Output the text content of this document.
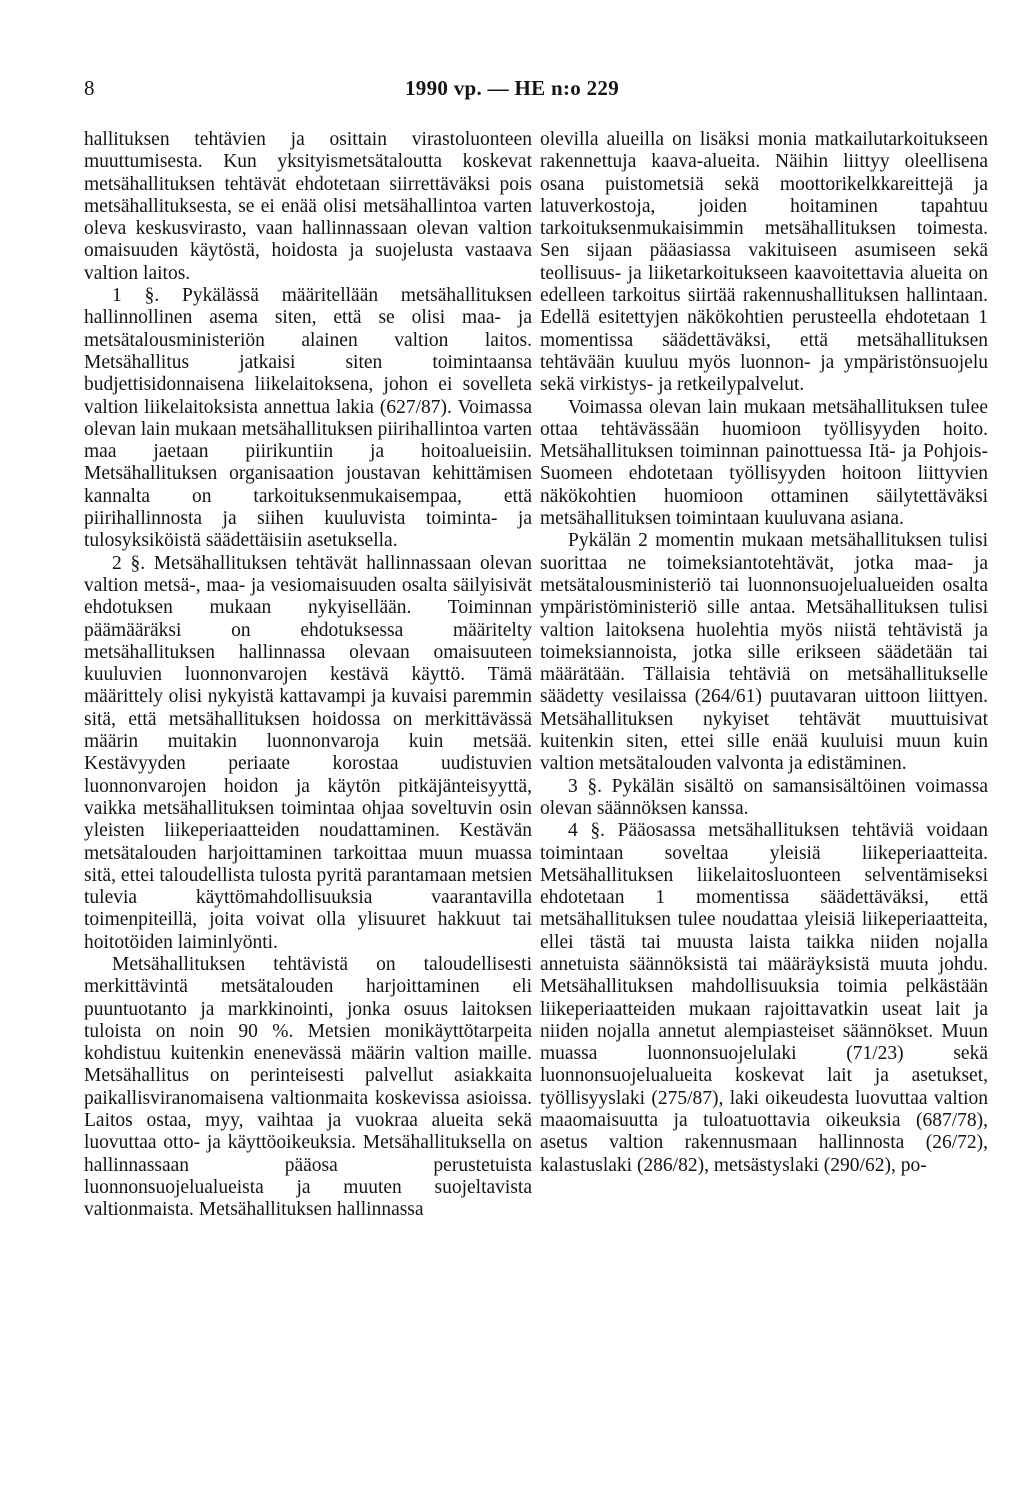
8	1990 vp. — HE n:o 229

hallituksen tehtävien ja osittain virastoluonteen muuttumisesta. Kun yksityismetsätaloutta koskevat metsähallituksen tehtävät ehdotetaan siirrettäväksi pois metsähallituksesta, se ei enää olisi metsähallintoa varten oleva keskusvirasto, vaan hallinnassaan olevan valtion omaisuuden käytöstä, hoidosta ja suojelusta vastaava valtion laitos.

1 §. Pykälässä määritellään metsähallituksen hallinnollinen asema siten, että se olisi maa- ja metsätalousministeriön alainen valtion laitos. Metsähallitus jatkaisi siten toimintaansa budjettisidonnaisena liikelaitoksena, johon ei sovelleta valtion liikelaitoksista annettua lakia (627/87). Voimassa olevan lain mukaan metsähallituksen piirihallintoa varten maa jaetaan piirikuntiin ja hoitoalueisiin. Metsähallituksen organisaation joustavan kehittämisen kannalta on tarkoituksenmukaisempaa, että piirihallinnosta ja siihen kuuluvista toiminta- ja tulosyksiköistä säädettäisiin asetuksella.

2 §. Metsähallituksen tehtävät hallinnassaan olevan valtion metsä-, maa- ja vesiomaisuuden osalta säilyisivät ehdotuksen mukaan nykyisellään. Toiminnan päämääräksi on ehdotuksessa määritelty metsähallituksen hallinnassa olevaan omaisuuteen kuuluvien luonnonvarojen kestävä käyttö. Tämä määrittely olisi nykyistä kattavampi ja kuvaisi paremmin sitä, että metsähallituksen hoidossa on merkittävässä määrin muitakin luonnonvaroja kuin metsää. Kestävyyden periaate korostaa uudistuvien luonnonvarojen hoidon ja käytön pitkäjänteisyyttä, vaikka metsähallituksen toimintaa ohjaa soveltuvin osin yleisten liikeperiaatteiden noudattaminen. Kestävän metsätalouden harjoittaminen tarkoittaa muun muassa sitä, ettei taloudellista tulosta pyritä parantamaan metsien tulevia käyttömahdollisuuksia vaarantavilla toimenpiteillä, joita voivat olla ylisuuret hakkuut tai hoitotöiden laiminlyönti.

Metsähallituksen tehtävistä on taloudellisesti merkittävintä metsätalouden harjoittaminen eli puuntuotanto ja markkinointi, jonka osuus laitoksen tuloista on noin 90 %. Metsien monikäyttötarpeita kohdistuu kuitenkin enenevässä määrin valtion maille. Metsähallitus on perinteisesti palvellut asiakkaita paikallisviranomaisena valtionmaita koskevissa asioissa. Laitos ostaa, myy, vaihtaa ja vuokraa alueita sekä luovuttaa otto- ja käyttöoikeuksia. Metsähallituksella on hallinnassaan pääosa perustetuista luonnonsuojelualueista ja muuten suojeltavista valtionmaista. Metsähallituksen hallinnassa

olevilla alueilla on lisäksi monia matkailutarkoitukseen rakennettuja kaava-alueita. Näihin liittyy oleellisena osana puistometsiä sekä moottorikelkkareittejä ja latuverkostoja, joiden hoitaminen tapahtuu tarkoituksenmukaisimmin metsähallituksen toimesta. Sen sijaan pääasiassa vakituiseen asumiseen sekä teollisuus- ja liiketarkoitukseen kaavoitettavia alueita on edelleen tarkoitus siirtää rakennushallituksen hallintaan. Edellä esitettyjen näkökohtien perusteella ehdotetaan 1 momentissa säädettäväksi, että metsähallituksen tehtävään kuuluu myös luonnon- ja ympäristönsuojelu sekä virkistys- ja retkeilypalvelut.

Voimassa olevan lain mukaan metsähallituksen tulee ottaa tehtävässään huomioon työllisyyden hoito. Metsähallituksen toiminnan painottuessa Itä- ja Pohjois-Suomeen ehdotetaan työllisyyden hoitoon liittyvien näkökohtien huomioon ottaminen säilytettäväksi metsähallituksen toimintaan kuuluvana asiana.

Pykälän 2 momentin mukaan metsähallituksen tulisi suorittaa ne toimeksiantotehtävät, jotka maa- ja metsätalousministeriö tai luonnonsuojelualueiden osalta ympäristöministeriö sille antaa. Metsähallituksen tulisi valtion laitoksena huolehtia myös niistä tehtävistä ja toimeksiannoista, jotka sille erikseen säädetään tai määrätään. Tällaisia tehtäviä on metsähallitukselle säädetty vesilaissa (264/61) puutavaran uittoon liittyen. Metsähallituksen nykyiset tehtävät muuttuisivat kuitenkin siten, ettei sille enää kuuluisi muun kuin valtion metsätalouden valvonta ja edistäminen.

3 §. Pykälän sisältö on samansisältöinen voimassa olevan säännöksen kanssa.

4 §. Pääosassa metsähallituksen tehtäviä voidaan toimintaan soveltaa yleisiä liikeperiaatteita. Metsähallituksen liikelaitosluonteen selventämiseksi ehdotetaan 1 momentissa säädettäväksi, että metsähallituksen tulee noudattaa yleisiä liikeperiaatteita, ellei tästä tai muusta laista taikka niiden nojalla annetuista säännöksistä tai määräyksistä muuta johdu. Metsähallituksen mahdollisuuksia toimia pelkästään liikeperiaatteiden mukaan rajoittavatkin useat lait ja niiden nojalla annetut alempiasteiset säännökset. Muun muassa luonnonsuojelulaki (71/23) sekä luonnonsuojelualueita koskevat lait ja asetukset, työllisyyslaki (275/87), laki oikeudesta luovuttaa valtion maaomaisuutta ja tuloatuottavia oikeuksia (687/78), asetus valtion rakennusmaan hallinnosta (26/72), kalastuslaki (286/82), metsästyslaki (290/62), po-
